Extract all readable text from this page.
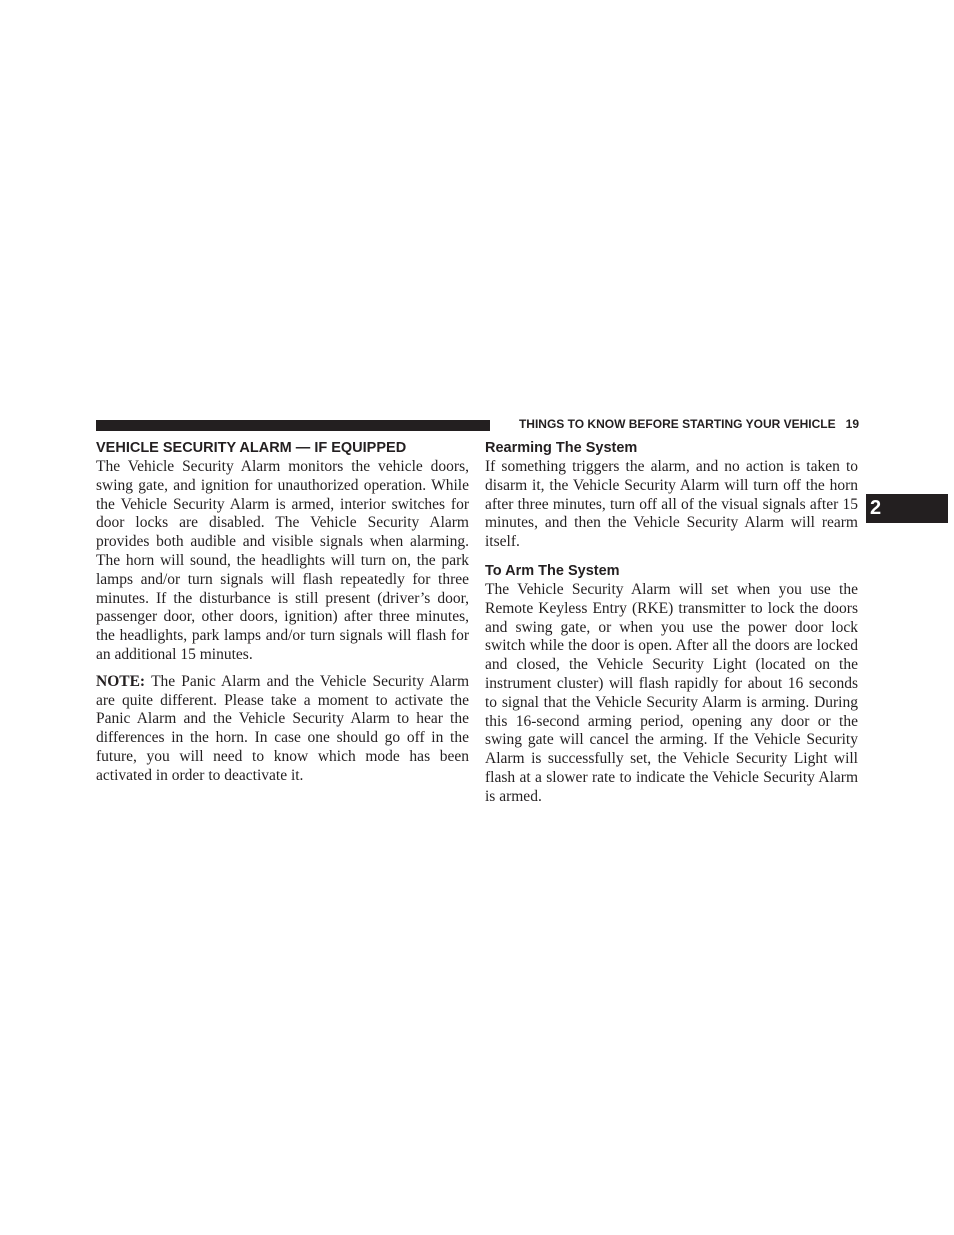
THINGS TO KNOW BEFORE STARTING YOUR VEHICLE 19
2
VEHICLE SECURITY ALARM — IF EQUIPPED

The Vehicle Security Alarm monitors the vehicle doors, swing gate, and ignition for unauthorized operation. While the Vehicle Security Alarm is armed, interior switches for door locks are disabled. The Vehicle Security Alarm provides both audible and visible signals when alarming. The horn will sound, the headlights will turn on, the park lamps and/or turn signals will flash repeatedly for three minutes. If the disturbance is still present (driver’s door, passenger door, other doors, ignition) after three minutes, the headlights, park lamps and/or turn signals will flash for an additional 15 minutes.

NOTE: The Panic Alarm and the Vehicle Security Alarm are quite different. Please take a moment to activate the Panic Alarm and the Vehicle Security Alarm to hear the differences in the horn. In case one should go off in the future, you will need to know which mode has been activated in order to deactivate it.

Rearming The System

If something triggers the alarm, and no action is taken to disarm it, the Vehicle Security Alarm will turn off the horn after three minutes, turn off all of the visual signals after 15 minutes, and then the Vehicle Security Alarm will rearm itself.

To Arm The System

The Vehicle Security Alarm will set when you use the Remote Keyless Entry (RKE) transmitter to lock the doors and swing gate, or when you use the power door lock switch while the door is open. After all the doors are locked and closed, the Vehicle Security Light (located on the instrument cluster) will flash rapidly for about 16 seconds to signal that the Vehicle Security Alarm is arming. During this 16-second arming period, opening any door or the swing gate will cancel the arming. If the Vehicle Security Alarm is successfully set, the Vehicle Security Light will flash at a slower rate to indicate the Vehicle Security Alarm is armed.
